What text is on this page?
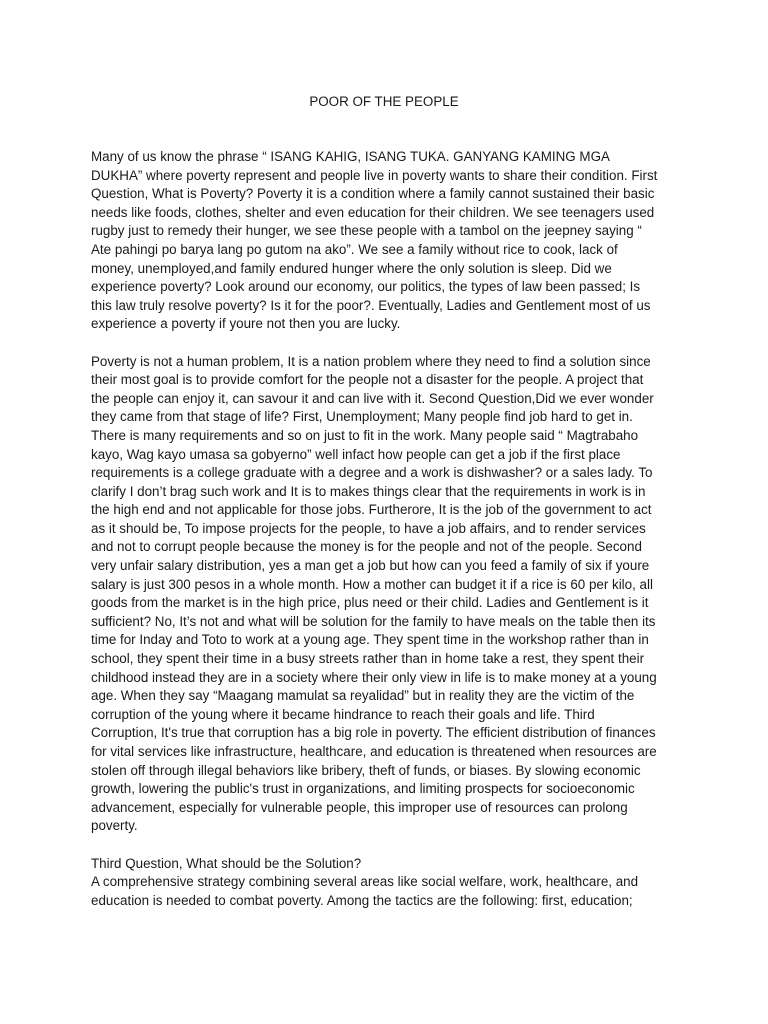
POOR OF THE PEOPLE

Many of us know the phrase “ ISANG KAHIG, ISANG TUKA. GANYANG KAMING MGA
DUKHA” where poverty represent and people live in poverty wants to share their condition. First
Question, What is Poverty? Poverty it is a condition where a family cannot sustained their basic
needs like foods, clothes, shelter and even education for their children. We see teenagers used
rugby just to remedy their hunger, we see these people with a tambol on the jeepney saying “
Ate pahingi po barya lang po gutom na ako”. We see a family without rice to cook, lack of
money, unemployed,and family endured hunger where the only solution is sleep. Did we
experience poverty? Look around our economy, our politics, the types of law been passed; Is
this law truly resolve poverty? Is it for the poor?. Eventually, Ladies and Gentlement most of us
experience a poverty if youre not then you are lucky.

Poverty is not a human problem, It is a nation problem where they need to find a solution since
their most goal is to provide comfort for the people not a disaster for the people. A project that
the people can enjoy it, can savour it and can live with it. Second Question,Did we ever wonder
they came from that stage of life? First, Unemployment; Many people find job hard to get in.
There is many requirements and so on just to fit in the work. Many people said “ Magtrabaho
kayo, Wag kayo umasa sa gobyerno” well infact how people can get a job if the first place
requirements is a college graduate with a degree and a work is dishwasher? or a sales lady. To
clarify I don’t brag such work and It is to makes things clear that the requirements in work is in
the high end and not applicable for those jobs. Furtherore, It is the job of the government to act
as it should be, To impose projects for the people, to have a job affairs, and to render services
and not to corrupt people because the money is for the people and not of the people. Second
very unfair salary distribution, yes a man get a job but how can you feed a family of six if youre
salary is just 300 pesos in a whole month. How a mother can budget it if a rice is 60 per kilo, all
goods from the market is in the high price, plus need or their child. Ladies and Gentlement is it
sufficient? No, It’s not and what will be solution for the family to have meals on the table then its
time for Inday and Toto to work at a young age. They spent time in the workshop rather than in
school, they spent their time in a busy streets rather than in home take a rest, they spent their
childhood instead they are in a society where their only view in life is to make money at a young
age. When they say “Maagang mamulat sa reyalidad” but in reality they are the victim of the
corruption of the young where it became hindrance to reach their goals and life. Third
Corruption, It's true that corruption has a big role in poverty. The efficient distribution of finances
for vital services like infrastructure, healthcare, and education is threatened when resources are
stolen off through illegal behaviors like bribery, theft of funds, or biases. By slowing economic
growth, lowering the public's trust in organizations, and limiting prospects for socioeconomic
advancement, especially for vulnerable people, this improper use of resources can prolong
poverty.

Third Question, What should be the Solution?

A comprehensive strategy combining several areas like social welfare, work, healthcare, and
education is needed to combat poverty. Among the tactics are the following: first, education;
